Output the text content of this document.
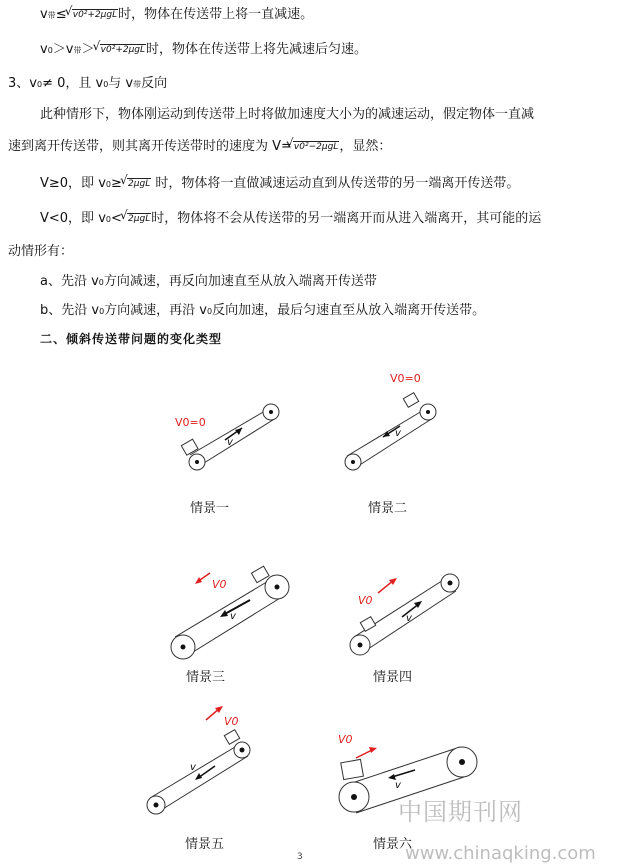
v带≤ √ v0²+2μgL时，物体在传送带上将一直减速。
v0＞v带＞ √ v0²+2μgL时，物体在传送带上将先减速后匀速。
3、v0≠ 0，且 v0与 v带反向
此种情形下，物体刚运动到传送带上时将做加速度大小为的减速运动，假定物体一直减
速到离开传送带，则其离开传送带时的速度为 V= √ v0²−2μgL，显然：
V≥0，即 v0≥ √ 2μgL 时，物体将一直做减速运动直到从传送带的另一端离开传送带。
V<0，即 v0< √ 2μgL时，物体将不会从传送带的另一端离开而从进入端离开，其可能的运
动情形有：
a、先沿 v0方向减速，再反向加速直至从放入端离开传送带
b、先沿 v0方向减速，再沿 v0反向加速，最后匀速直至从放入端离开传送带。
二、倾斜传送带问题的变化类型
v
V0=0
情景一
v
V0=0
情景二
v
V0
情景三
v
V0
情景四
v
V0
情景五
v
V0
情景六
中国期刊网
www.chinaqking.com
3
